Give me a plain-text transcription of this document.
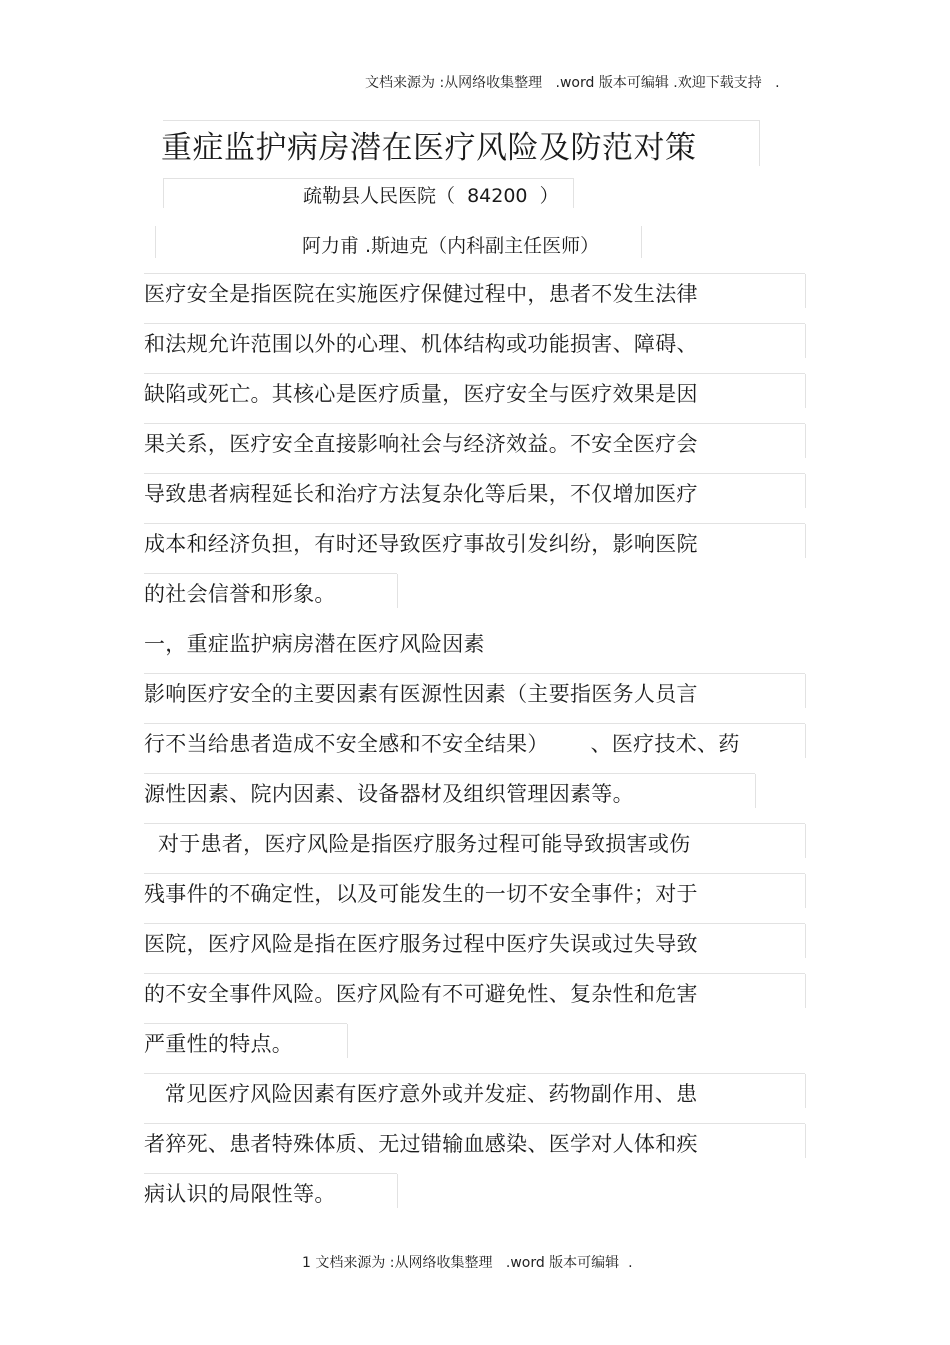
文档来源为 :从网络收集整理   .word 版本可编辑 .欢迎下载支持   .
重症监护病房潜在医疗风险及防范对策
疏勒县人民医院（  84200  ）
阿力甫 .斯迪克（内科副主任医师）
医疗安全是指医院在实施医疗保健过程中，患者不发生法律
和法规允许范围以外的心理、机体结构或功能损害、障碍、
缺陷或死亡。其核心是医疗质量，医疗安全与医疗效果是因
果关系，医疗安全直接影响社会与经济效益。不安全医疗会
导致患者病程延长和治疗方法复杂化等后果，不仅增加医疗
成本和经济负担，有时还导致医疗事故引发纠纷，影响医院
的社会信誉和形象。
一，重症监护病房潜在医疗风险因素
影响医疗安全的主要因素有医源性因素（主要指医务人员言
行不当给患者造成不安全感和不安全结果）      、医疗技术、药
源性因素、院内因素、设备器材及组织管理因素等。
对于患者，医疗风险是指医疗服务过程可能导致损害或伤
残事件的不确定性，以及可能发生的一切不安全事件；对于
医院，医疗风险是指在医疗服务过程中医疗失误或过失导致
的不安全事件风险。医疗风险有不可避免性、复杂性和危害
严重性的特点。
常见医疗风险因素有医疗意外或并发症、药物副作用、患
者猝死、患者特殊体质、无过错输血感染、医学对人体和疾
病认识的局限性等。
1 文档来源为 :从网络收集整理   .word 版本可编辑  .
